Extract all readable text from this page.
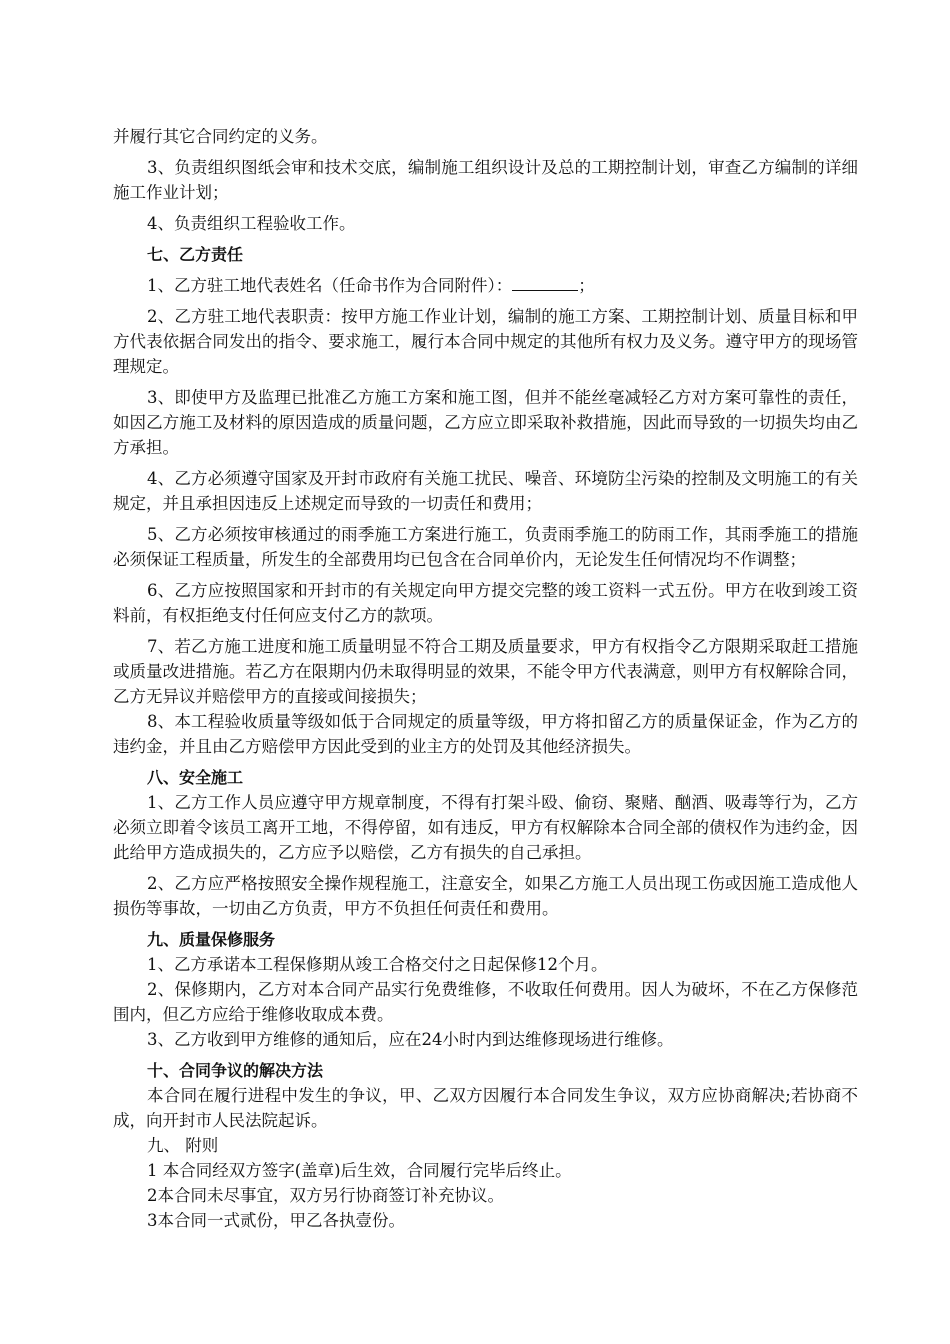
并履行其它合同约定的义务。

3、负责组织图纸会审和技术交底，编制施工组织设计及总的工期控制计划，审查乙方编制的详细施工作业计划；

4、负责组织工程验收工作。

七、乙方责任

1、乙方驻工地代表姓名（任命书作为合同附件）：	；

2、乙方驻工地代表职责：按甲方施工作业计划，编制的施工方案、工期控制计划、质量目标和甲方代表依据合同发出的指令、要求施工，履行本合同中规定的其他所有权力及义务。遵守甲方的现场管理规定。

3、即使甲方及监理已批准乙方施工方案和施工图，但并不能丝毫减轻乙方对方案可靠性的责任，如因乙方施工及材料的原因造成的质量问题，乙方应立即采取补救措施，因此而导致的一切损失均由乙方承担。

4、乙方必须遵守国家及开封市政府有关施工扰民、噪音、环境防尘污染的控制及文明施工的有关规定，并且承担因违反上述规定而导致的一切责任和费用；

5、乙方必须按审核通过的雨季施工方案进行施工，负责雨季施工的防雨工作，其雨季施工的措施必须保证工程质量，所发生的全部费用均已包含在合同单价内，无论发生任何情况均不作调整；

6、乙方应按照国家和开封市的有关规定向甲方提交完整的竣工资料一式五份。甲方在收到竣工资料前，有权拒绝支付任何应支付乙方的款项。

7、若乙方施工进度和施工质量明显不符合工期及质量要求，甲方有权指令乙方限期采取赶工措施或质量改进措施。若乙方在限期内仍未取得明显的效果，不能令甲方代表满意，则甲方有权解除合同，乙方无异议并赔偿甲方的直接或间接损失；

8、本工程验收质量等级如低于合同规定的质量等级，甲方将扣留乙方的质量保证金，作为乙方的违约金，并且由乙方赔偿甲方因此受到的业主方的处罚及其他经济损失。

八、安全施工

1、乙方工作人员应遵守甲方规章制度，不得有打架斗殴、偷窃、聚赌、酗酒、吸毒等行为，乙方必须立即着令该员工离开工地，不得停留，如有违反，甲方有权解除本合同全部的债权作为违约金，因此给甲方造成损失的，乙方应予以赔偿，乙方有损失的自己承担。

2、乙方应严格按照安全操作规程施工，注意安全，如果乙方施工人员出现工伤或因施工造成他人损伤等事故，一切由乙方负责，甲方不负担任何责任和费用。

九、质量保修服务

1、乙方承诺本工程保修期从竣工合格交付之日起保修12个月。

2、保修期内，乙方对本合同产品实行免费维修，不收取任何费用。因人为破坏，不在乙方保修范围内，但乙方应给于维修收取成本费。

3、乙方收到甲方维修的通知后，应在24小时内到达维修现场进行维修。

十、合同争议的解决方法

本合同在履行进程中发生的争议，甲、乙双方因履行本合同发生争议，双方应协商解决;若协商不成，向开封市人民法院起诉。

九、 附则

1 本合同经双方签字(盖章)后生效，合同履行完毕后终止。

2本合同未尽事宜，双方另行协商签订补充协议。

3本合同一式贰份，甲乙各执壹份。
